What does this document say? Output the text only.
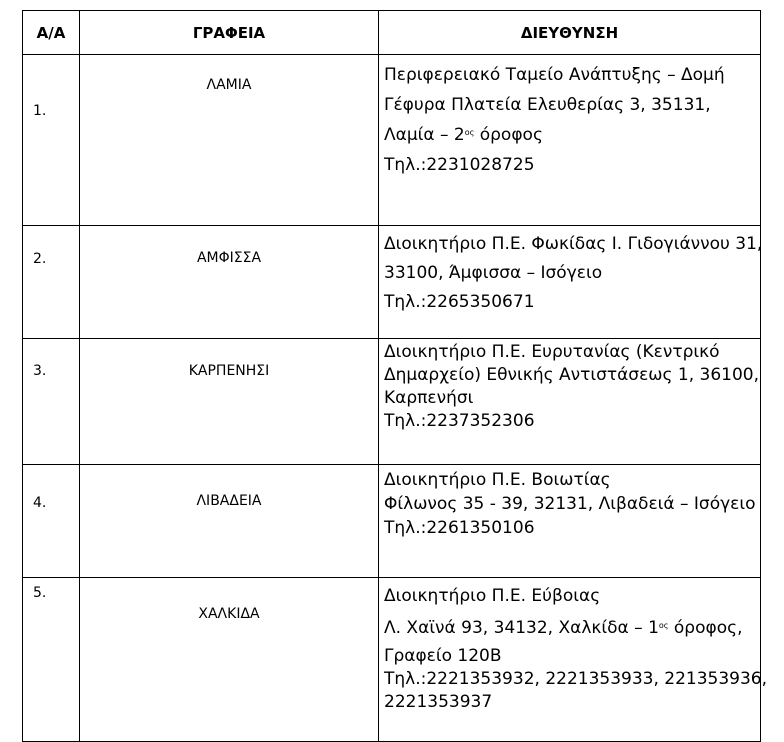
Α/Α	ΓΡΑΦΕΙΑ	ΔΙΕΥΘΥΝΣΗ
1.	ΛΑΜΙΑ	Περιφερειακό Ταμείο Ανάπτυξης – Δομή
Γέφυρα Πλατεία Ελευθερίας 3, 35131,
Λαμία – $2^{o\varsigma}$ όροφος
Τηλ.:2231028725

2.	ΑΜΦΙΣΣΑ	Διοικητήριο Π.Ε. Φωκίδας Ι. Γιδογιάννου 31,
33100, Άμφισσα – Ισόγειο
Τηλ.:2265350671

3.	ΚΑΡΠΕΝΗΣΙ	Διοικητήριο Π.Ε. Ευρυτανίας (Κεντρικό
Δημαρχείο) Εθνικής Αντιστάσεως 1, 36100,
Καρπενήσι
Τηλ.:2237352306

4.	ΛΙΒΑΔΕΙΑ	Διοικητήριο Π.Ε. Βοιωτίας
Φίλωνος 35 - 39, 32131, Λιβαδειά – Ισόγειο
Τηλ.:2261350106

5.	ΧΑΛΚΙΔΑ	Διοικητήριο Π.Ε. Εύβοιας
Λ. Χαϊνά 93, 34132, Χαλκίδα – $1^{o\varsigma}$ όροφος,
Γραφείο 120Β
Τηλ.:2221353932, 2221353933, 221353936,
2221353937
